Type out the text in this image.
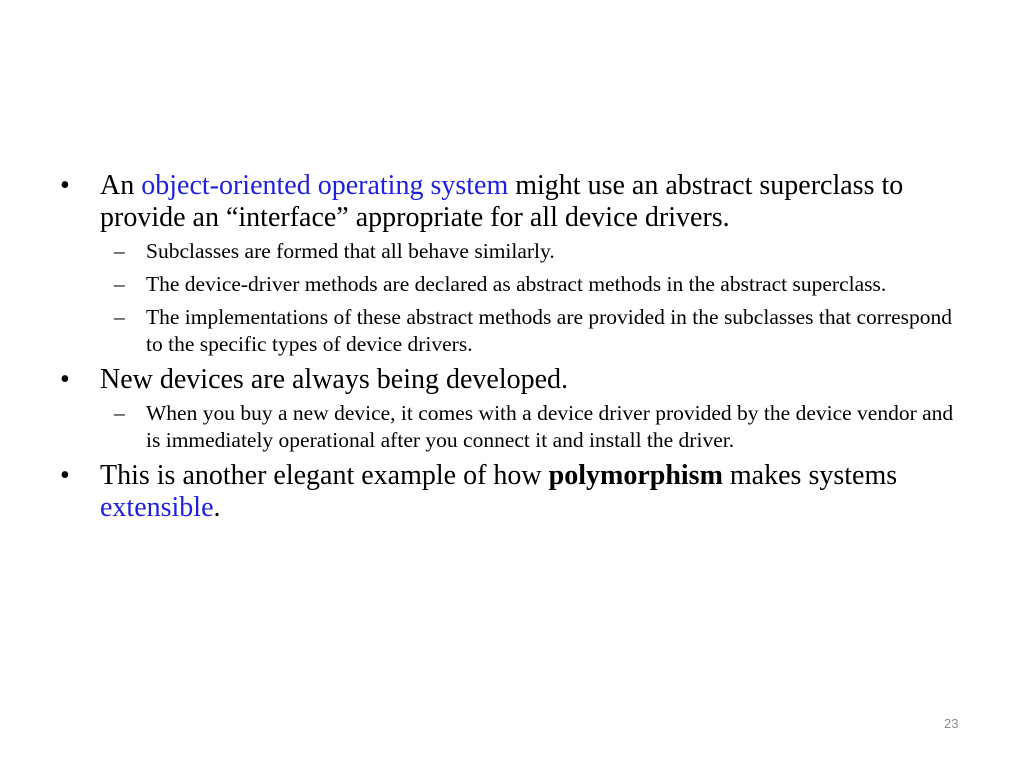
• An object-oriented operating system might use an abstract superclass to provide an “interface” appropriate for all device drivers.
– Subclasses are formed that all behave similarly.
– The device-driver methods are declared as abstract methods in the abstract superclass.
– The implementations of these abstract methods are provided in the subclasses that correspond to the specific types of device drivers.
• New devices are always being developed.
– When you buy a new device, it comes with a device driver provided by the device vendor and is immediately operational after you connect it and install the driver.
• This is another elegant example of how polymorphism makes systems extensible.
23
